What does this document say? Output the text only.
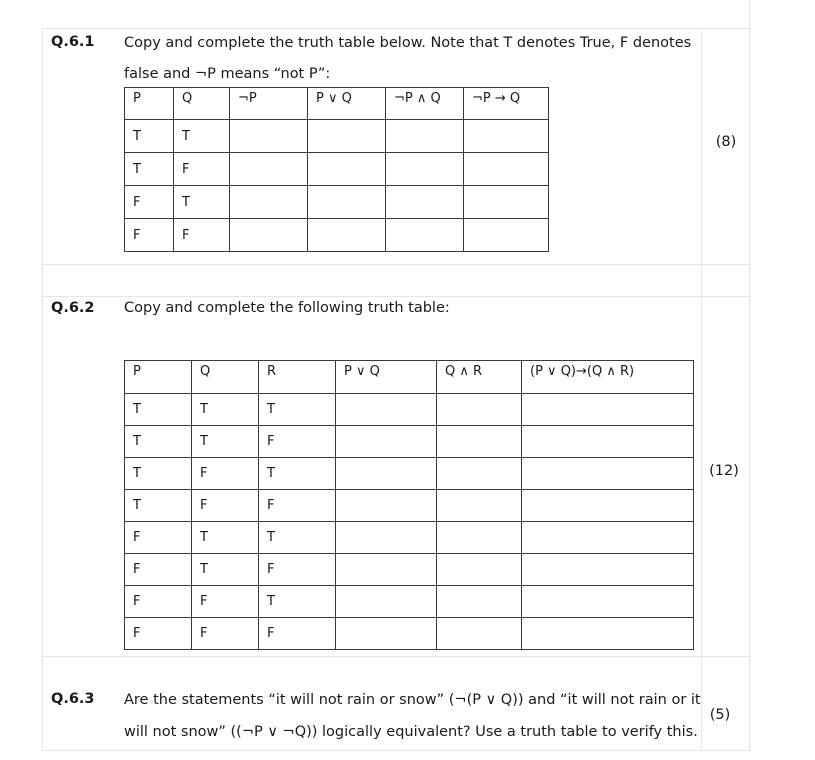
Q.6.1 Copy and complete the truth table below. Note that T denotes True, F denotes
false and ¬P means “not P”:
(8)
P	Q	¬P	P ∨ Q	¬P ∧ Q	¬P → Q
T	T				
T	F				
F	T				
F	F				
Q.6.2 Copy and complete the following truth table:
(12)
P	Q	R	P ∨ Q	Q ∧ R	(P ∨ Q)→(Q ∧ R)
T	T	T			
T	T	F			
T	F	T			
T	F	F			
F	T	T			
F	T	F			
F	F	T			
F	F	F			
Q.6.3 Are the statements “it will not rain or snow” (¬(P ∨ Q)) and “it will not rain or it
will not snow” ((¬P ∨ ¬Q)) logically equivalent? Use a truth table to verify this.
(5)
